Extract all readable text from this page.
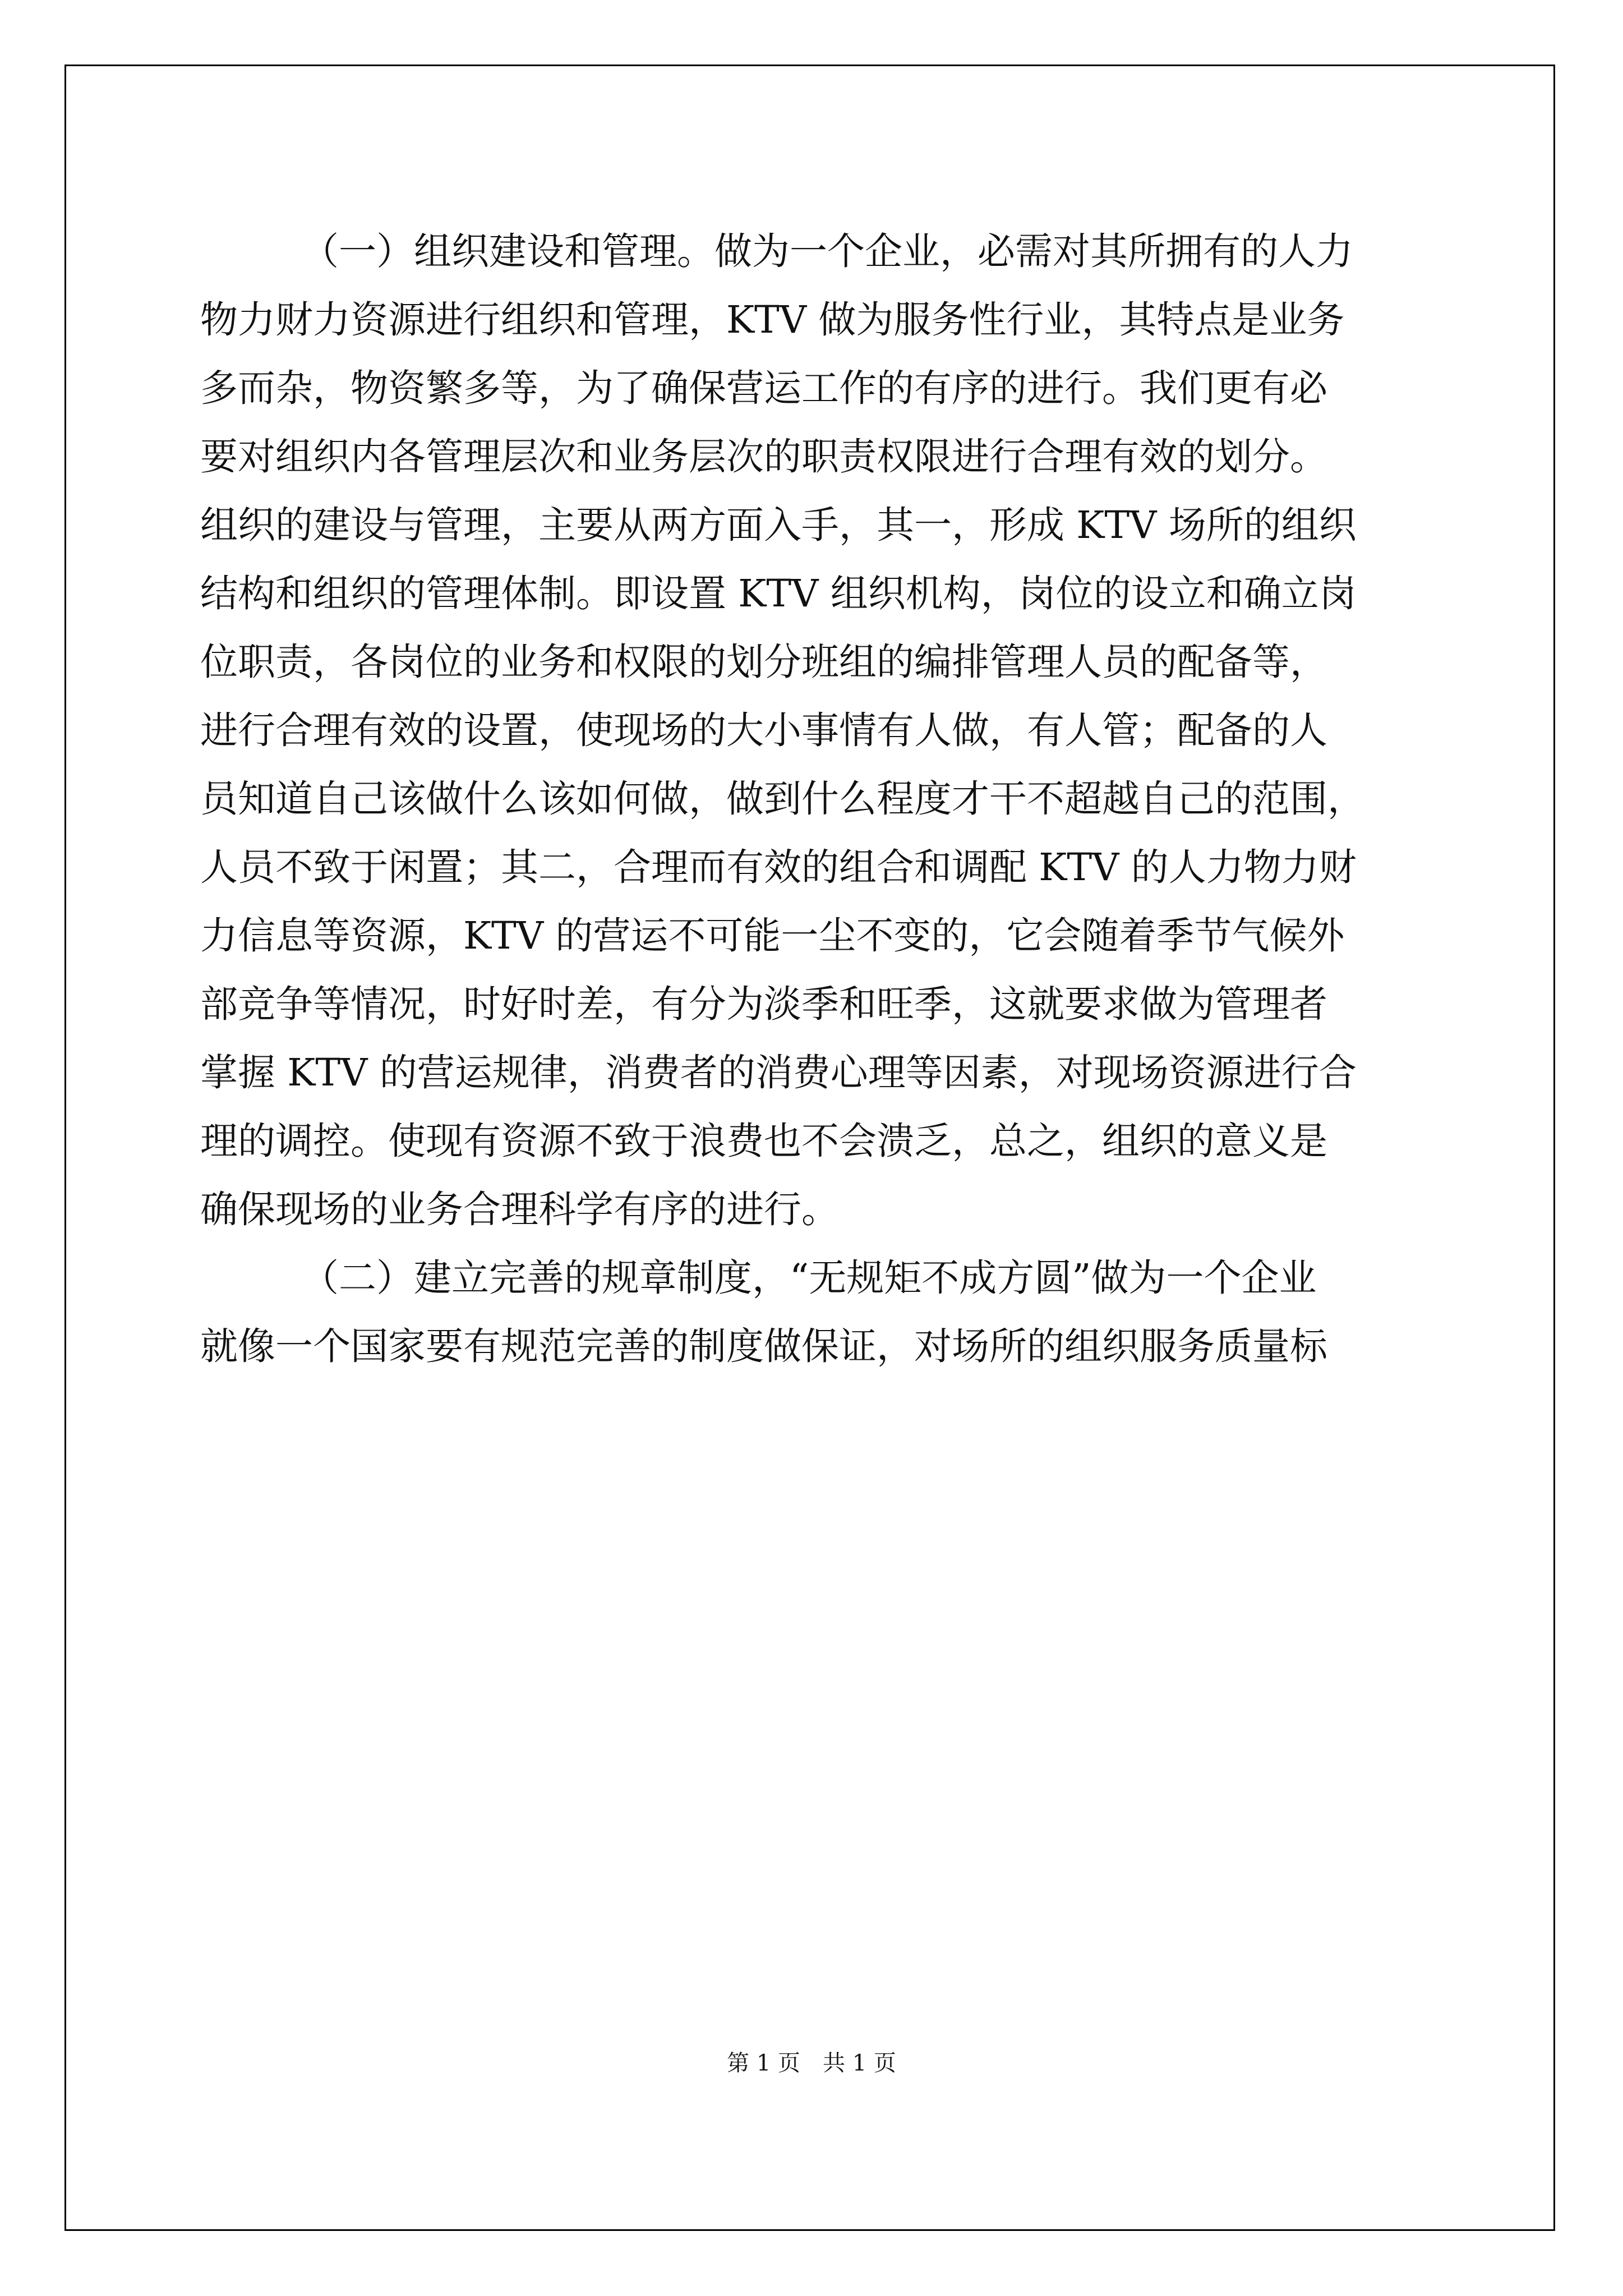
（一）组织建设和管理。做为一个企业，必需对其所拥有的人力
物力财力资源进行组织和管理，KTV 做为服务性行业，其特点是业务
多而杂，物资繁多等，为了确保营运工作的有序的进行。我们更有必
要对组织内各管理层次和业务层次的职责权限进行合理有效的划分。
组织的建设与管理，主要从两方面入手，其一，形成 KTV 场所的组织
结构和组织的管理体制。即设置 KTV 组织机构，岗位的设立和确立岗
位职责，各岗位的业务和权限的划分班组的编排管理人员的配备等，
进行合理有效的设置，使现场的大小事情有人做，有人管；配备的人
员知道自己该做什么该如何做，做到什么程度才干不超越自己的范围，
人员不致于闲置；其二，合理而有效的组合和调配 KTV 的人力物力财
力信息等资源，KTV 的营运不可能一尘不变的，它会随着季节气候外
部竞争等情况，时好时差，有分为淡季和旺季，这就要求做为管理者
掌握 KTV 的营运规律，消费者的消费心理等因素，对现场资源进行合
理的调控。使现有资源不致于浪费也不会溃乏，总之，组织的意义是
确保现场的业务合理科学有序的进行。
（二）建立完善的规章制度，“无规矩不成方圆”做为一个企业
就像一个国家要有规范完善的制度做保证，对场所的组织服务质量标
第 1 页　共 1 页
